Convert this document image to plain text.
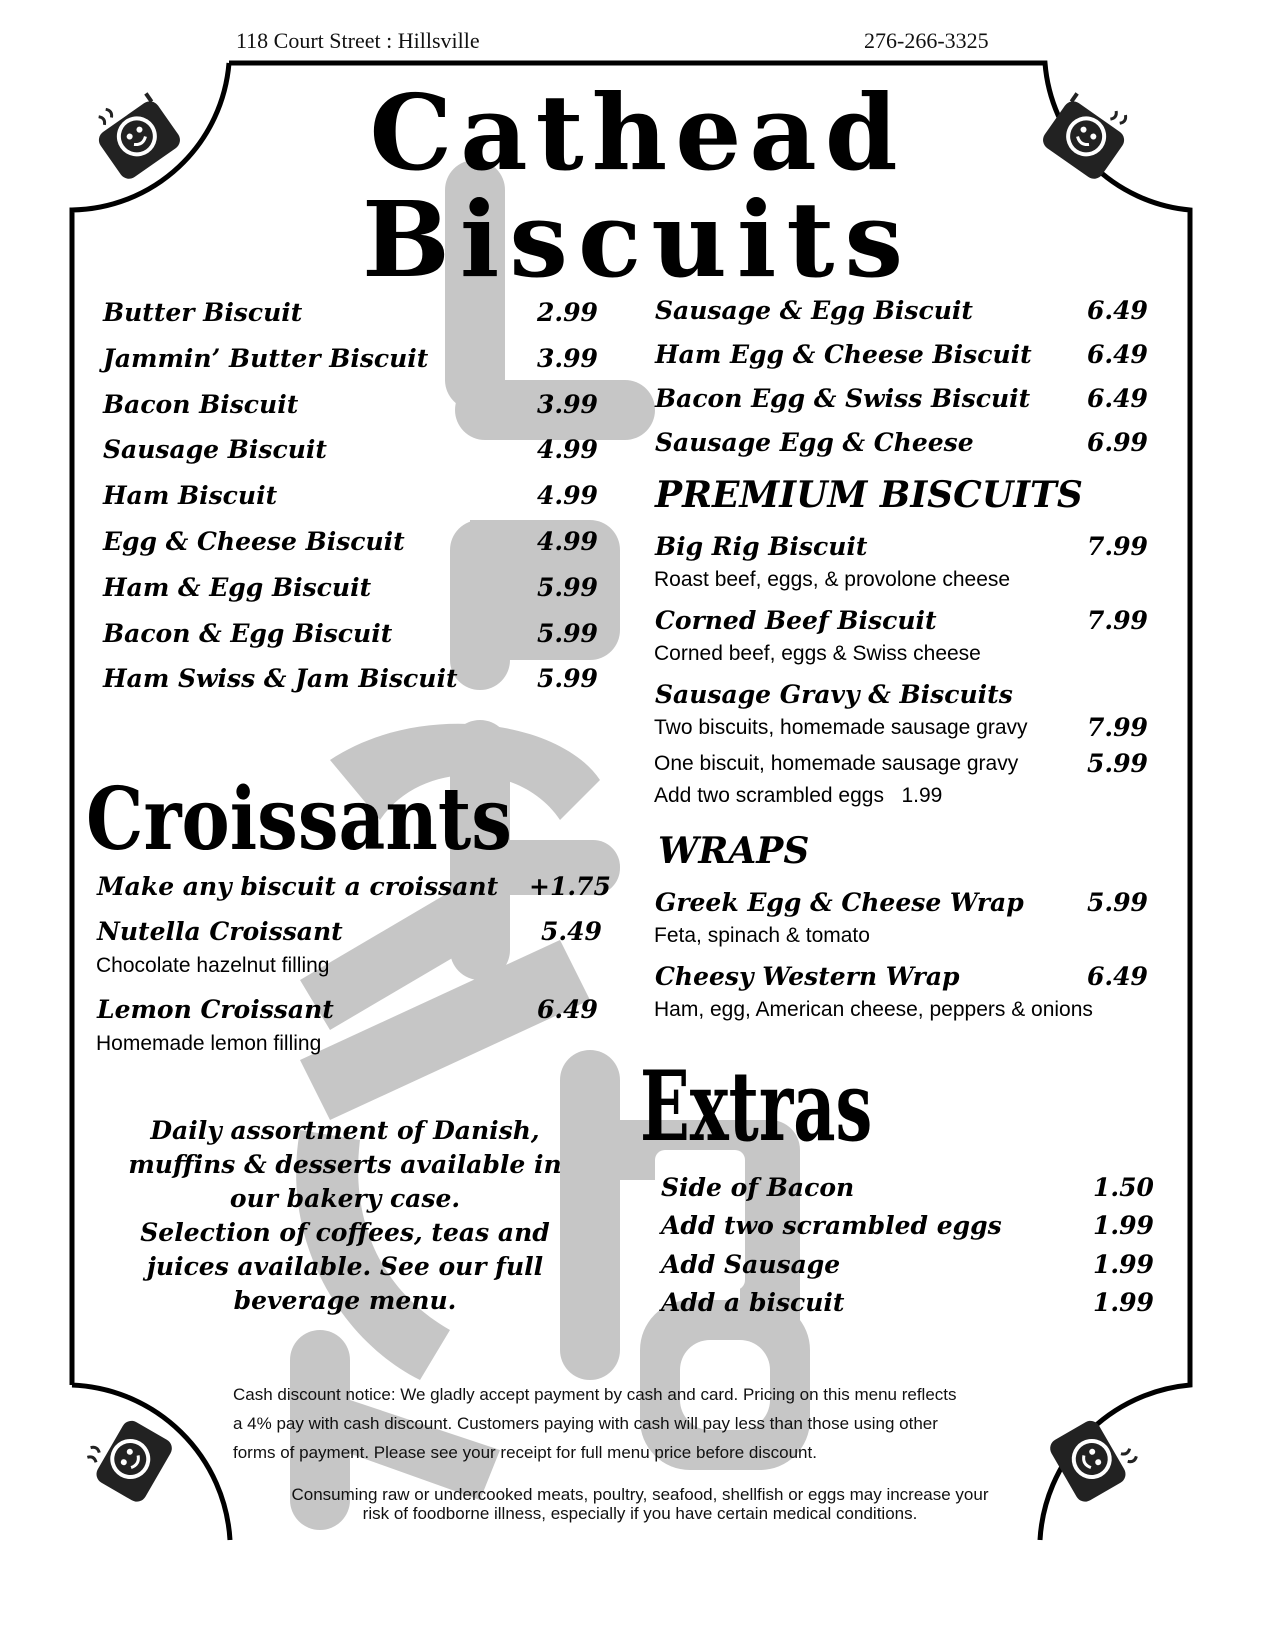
118 Court Street : Hillsville	276-266-3325
Cathead
Biscuits
Butter Biscuit	2.99
Jammin’ Butter Biscuit	3.99
Bacon Biscuit	3.99
Sausage Biscuit	4.99
Ham Biscuit	4.99
Egg & Cheese Biscuit	4.99
Ham & Egg Biscuit	5.99
Bacon & Egg Biscuit	5.99
Ham Swiss & Jam Biscuit	5.99
Sausage & Egg Biscuit	6.49
Ham Egg & Cheese Biscuit 6.49
Bacon Egg & Swiss Biscuit 6.49
Sausage Egg & Cheese	6.99
PREMIUM BISCUITS
Big Rig Biscuit	7.99
Roast beef, eggs, & provolone cheese
Corned Beef Biscuit	7.99
Corned beef, eggs & Swiss cheese
Sausage Gravy & Biscuits
Two biscuits, homemade sausage gravy 7.99
One biscuit, homemade sausage gravy	5.99
Add two scrambled eggs   1.99
WRAPS
Greek Egg & Cheese Wrap	5.99
Feta, spinach & tomato
Cheesy Western Wrap	6.49
Ham, egg, American cheese, peppers & onions
Croissants
Make any biscuit a croissant +1.75
Nutella Croissant	5.49
Chocolate hazelnut filling
Lemon Croissant	6.49
Homemade lemon filling
Daily assortment of Danish,
muffins & desserts available in
our bakery case.
Selection of coffees, teas and
juices available. See our full
beverage menu.
Extras
Side of Bacon	1.50
Add two scrambled eggs	1.99
Add Sausage	1.99
Add a biscuit	1.99
Cash discount notice: We gladly accept payment by cash and card. Pricing on this menu reflects
a 4% pay with cash discount. Customers paying with cash will pay less than those using other
forms of payment. Please see your receipt for full menu price before discount.
Consuming raw or undercooked meats, poultry, seafood, shellfish or eggs may increase your
risk of foodborne illness, especially if you have certain medical conditions.
